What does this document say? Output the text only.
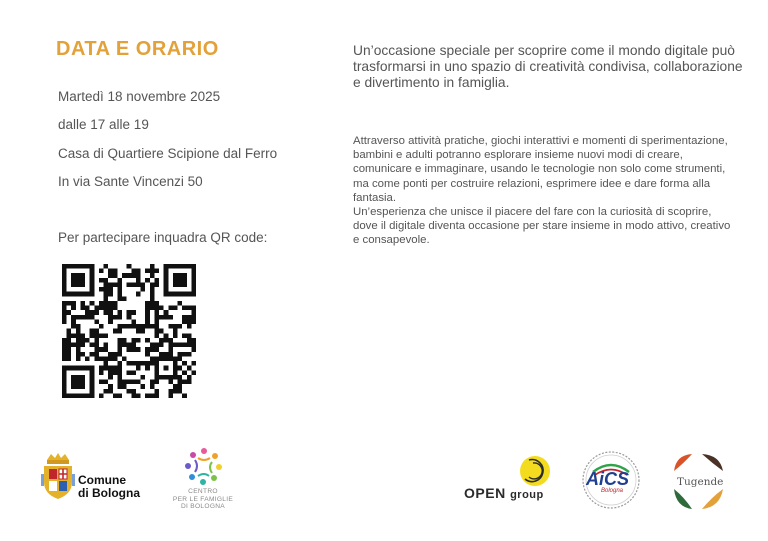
DATA E ORARIO
Martedì 18 novembre 2025
dalle 17 alle 19
Casa di Quartiere Scipione dal Ferro
In via Sante Vincenzi 50
Per partecipare inquadra QR code:

Un’occasione speciale per scoprire come il mondo digitale può trasformarsi in uno spazio di creatività condivisa, collaborazione e divertimento in famiglia.

Attraverso attività pratiche, giochi interattivi e momenti di sperimentazione, bambini e adulti potranno esplorare insieme nuovi modi di creare, comunicare e immaginare, usando le tecnologie non solo come strumenti, ma come ponti per costruire relazioni, esprimere idee e dare forma alla fantasia.

Un’esperienza che unisce il piacere del fare con la curiosità di scoprire, dove il digitale diventa occasione per stare insieme in modo attivo, creativo e consapevole.

Comune
di Bologna	CENTRO
PER LE FAMIGLIE
DI BOLOGNA
OPEN group
AiCS
Bologna
Tugende
